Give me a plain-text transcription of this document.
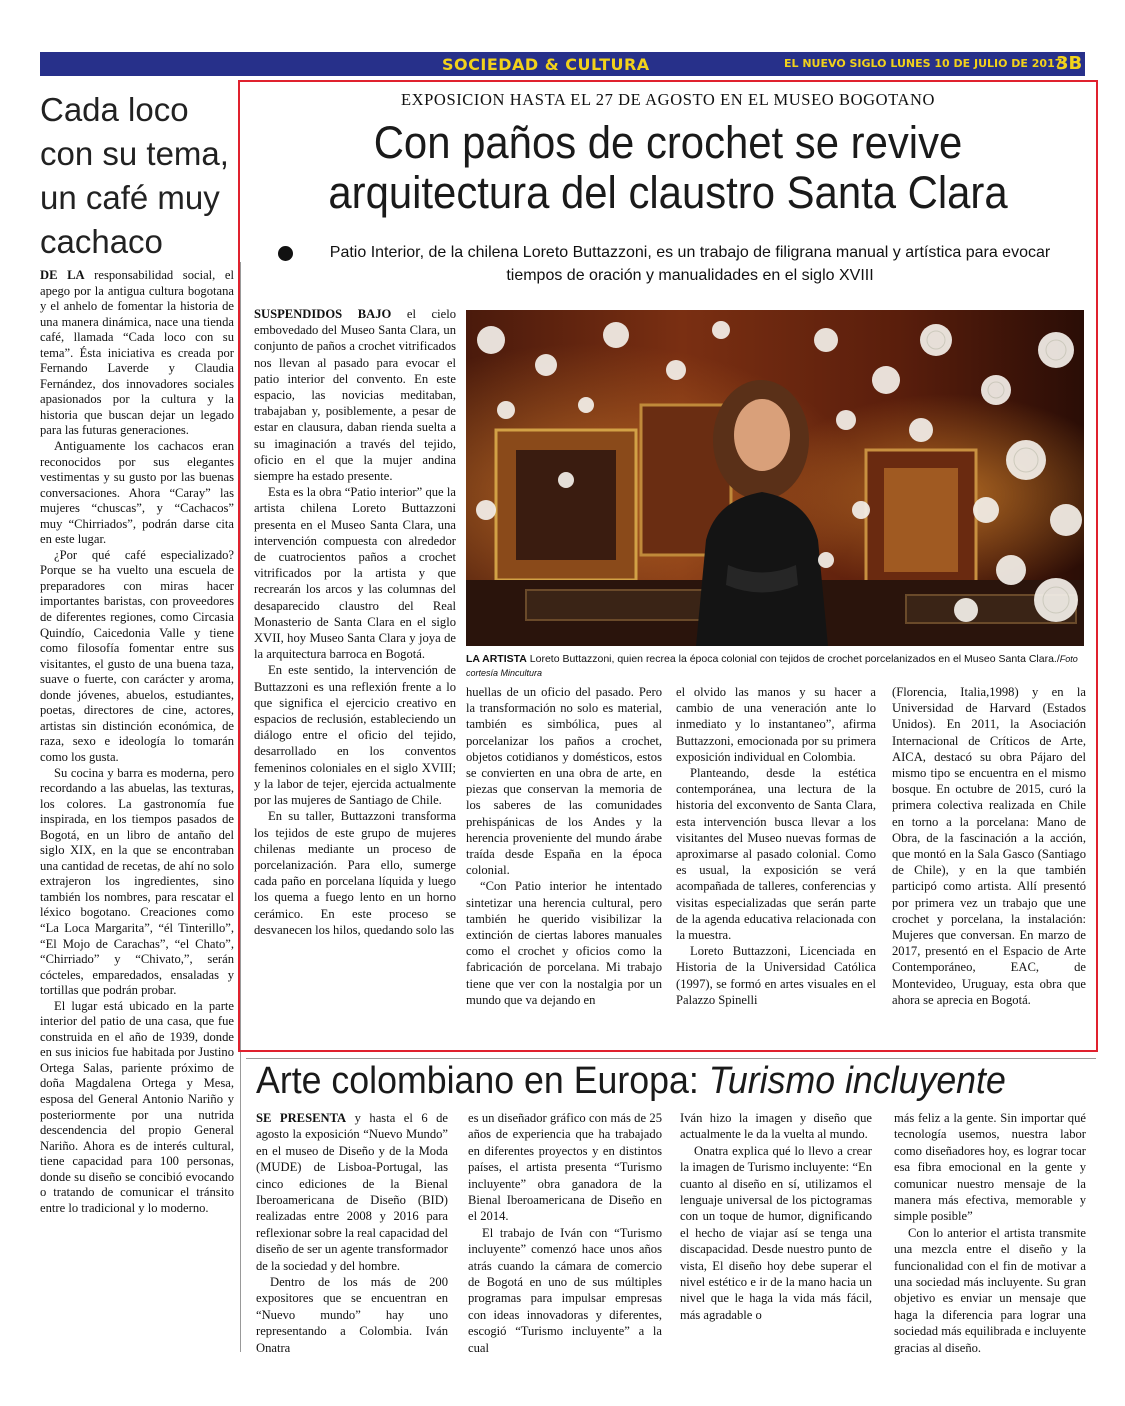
SOCIEDAD & CULTURA	EL NUEVO SIGLO LUNES 10 DE JULIO DE 2017
3B
Cada loco
con su tema,
un café muy
cachaco

DE LA responsabilidad social, el apego por la antigua cultura bogotana y el anhelo de fomentar la historia de una manera dinámica, nace una tienda café, llamada “Cada loco con su tema”. Ésta iniciativa es creada por Fernando Laverde y Claudia Fernández, dos innovadores sociales apasionados por la cultura y la historia que buscan dejar un legado para las futuras generaciones.

Antiguamente los cachacos eran reconocidos por sus elegantes vestimentas y su gusto por las buenas conversaciones. Ahora “Caray” las mujeres “chuscas”, y “Cachacos” muy “Chirriados”, podrán darse cita en este lugar.

¿Por qué café especializado? Porque se ha vuelto una escuela de preparadores con miras hacer importantes baristas, con proveedores de diferentes regiones, como Circasia Quindío, Caicedonia Valle y tiene como filosofía fomentar entre sus visitantes, el gusto de una buena taza, suave o fuerte, con carácter y aroma, donde jóvenes, abuelos, estudiantes, poetas, directores de cine, actores, artistas sin distinción económica, de raza, sexo e ideología lo tomarán como los gusta.

Su cocina y barra es moderna, pero recordando a las abuelas, las texturas, los colores. La gastronomía fue inspirada, en los tiempos pasados de Bogotá, en un libro de antaño del siglo XIX, en la que se encontraban una cantidad de recetas, de ahí no solo extrajeron los ingredientes, sino también los nombres, para rescatar el léxico bogotano. Creaciones como “La Loca Margarita”, “él Tinterillo”, “El Mojo de Carachas”, “el Chato”, “Chirriado” y “Chivato,”, serán cócteles, emparedados, ensaladas y tortillas que podrán probar.

El lugar está ubicado en la parte interior del patio de una casa, que fue construida en el año de 1939, donde en sus inicios fue habitada por Justino Ortega Salas, pariente próximo de doña Magdalena Ortega y Mesa, esposa del General Antonio Nariño y posteriormente por una nutrida descendencia del propio General Nariño. Ahora es de interés cultural, tiene capacidad para 100 personas, donde su diseño se concibió evocando o tratando de comunicar el tránsito entre lo tradicional y lo moderno.

EXPOSICION HASTA EL 27 DE AGOSTO EN EL MUSEO BOGOTANO
Con paños de crochet se revive arquitectura del claustro Santa Clara
Patio Interior, de la chilena Loreto Buttazzoni, es un trabajo de filigrana manual y artística para evocar tiempos de oración y manualidades en el siglo XVIII

SUSPENDIDOS BAJO el cielo embovedado del Museo Santa Clara, un conjunto de paños a crochet vitrificados nos llevan al pasado para evocar el patio interior del convento. En este espacio, las novicias meditaban, trabajaban y, posiblemente, a pesar de estar en clausura, daban rienda suelta a su imaginación a través del tejido, oficio en el que la mujer andina siempre ha estado presente.

Esta es la obra “Patio interior” que la artista chilena Loreto Buttazzoni presenta en el Museo Santa Clara, una intervención compuesta con alrededor de cuatrocientos paños a crochet vitrificados por la artista y que recrearán los arcos y las columnas del desaparecido claustro del Real Monasterio de Santa Clara en el siglo XVII, hoy Museo Santa Clara y joya de la arquitectura barroca en Bogotá.

En este sentido, la intervención de Buttazzoni es una reflexión frente a lo que significa el ejercicio creativo en espacios de reclusión, estableciendo un diálogo entre el oficio del tejido, desarrollado en los conventos femeninos coloniales en el siglo XVIII; y la labor de tejer, ejercida actualmente por las mujeres de Santiago de Chile.

En su taller, Buttazzoni transforma los tejidos de este grupo de mujeres chilenas mediante un proceso de porcelanización. Para ello, sumerge cada paño en porcelana líquida y luego los quema a fuego lento en un horno cerámico. En este proceso se desvanecen los hilos, quedando solo las

LA ARTISTA Loreto Buttazzoni, quien recrea la época colonial con tejidos de crochet porcelanizados en el Museo Santa Clara./Foto cortesía Mincultura

huellas de un oficio del pasado. Pero la transformación no solo es material, también es simbólica, pues al porcelanizar los paños a crochet, objetos cotidianos y domésticos, estos se convierten en una obra de arte, en piezas que conservan la memoria de los saberes de las comunidades prehispánicas de los Andes y la herencia proveniente del mundo árabe traída desde España en la época colonial.

“Con Patio interior he intentado sintetizar una herencia cultural, pero también he querido visibilizar la extinción de ciertas labores manuales como el crochet y oficios como la fabricación de porcelana. Mi trabajo tiene que ver con la nostalgia por un mundo que va dejando en

el olvido las manos y su hacer a cambio de una veneración ante lo inmediato y lo instantaneo”, afirma Buttazzoni, emocionada por su primera exposición individual en Colombia.

Planteando, desde la estética contemporánea, una lectura de la historia del exconvento de Santa Clara, esta intervención busca llevar a los visitantes del Museo nuevas formas de aproximarse al pasado colonial. Como es usual, la exposición se verá acompañada de talleres, conferencias y visitas especializadas que serán parte de la agenda educativa relacionada con la muestra.

Loreto Buttazzoni, Licenciada en Historia de la Universidad Católica (1997), se formó en artes visuales en el Palazzo Spinelli

(Florencia, Italia,1998) y en la Universidad de Harvard (Estados Unidos). En 2011, la Asociación Internacional de Críticos de Arte, AICA, destacó su obra Pájaro del mismo tipo se encuentra en el mismo bosque. En octubre de 2015, curó la primera colectiva realizada en Chile en torno a la porcelana: Mano de Obra, de la fascinación a la acción, que montó en la Sala Gasco (Santiago de Chile), y en la que también participó como artista. Allí presentó por primera vez un trabajo que une crochet y porcelana, la instalación: Mujeres que conversan. En marzo de 2017, presentó en el Espacio de Arte Contemporáneo, EAC, de Montevideo, Uruguay, esta obra que ahora se aprecia en Bogotá.

Arte colombiano en Europa: Turismo incluyente

SE PRESENTA y hasta el 6 de agosto la exposición “Nuevo Mundo” en el museo de Diseño y de la Moda (MUDE) de Lisboa-Portugal, las cinco ediciones de la Bienal Iberoamericana de Diseño (BID) realizadas entre 2008 y 2016 para reflexionar sobre la real capacidad del diseño de ser un agente transformador de la sociedad y del hombre.

Dentro de los más de 200 expositores que se encuentran en “Nuevo mundo” hay uno representando a Colombia. Iván Onatra

es un diseñador gráfico con más de 25 años de experiencia que ha trabajado en diferentes proyectos y en distintos países, el artista presenta “Turismo incluyente” obra ganadora de la Bienal Iberoamericana de Diseño en el 2014.

El trabajo de Iván con “Turismo incluyente” comenzó hace unos años atrás cuando la cámara de comercio de Bogotá en uno de sus múltiples programas para impulsar empresas con ideas innovadoras y diferentes, escogió “Turismo incluyente” a la cual

Iván hizo la imagen y diseño que actualmente le da la vuelta al mundo.

Onatra explica qué lo llevo a crear la imagen de Turismo incluyente: “En cuanto al diseño en sí, utilizamos el lenguaje universal de los pictogramas con un toque de humor, dignificando el hecho de viajar así se tenga una discapacidad. Desde nuestro punto de vista, El diseño hoy debe superar el nivel estético e ir de la mano hacia un nivel que le haga la vida más fácil, más agradable o

más feliz a la gente. Sin importar qué tecnología usemos, nuestra labor como diseñadores hoy, es lograr tocar esa fibra emocional en la gente y comunicar nuestro mensaje de la manera más efectiva, memorable y simple posible”

Con lo anterior el artista transmite una mezcla entre el diseño y la funcionalidad con el fin de motivar a una sociedad más incluyente. Su gran objetivo es enviar un mensaje que haga la diferencia para lograr una sociedad más equilibrada e incluyente gracias al diseño.
